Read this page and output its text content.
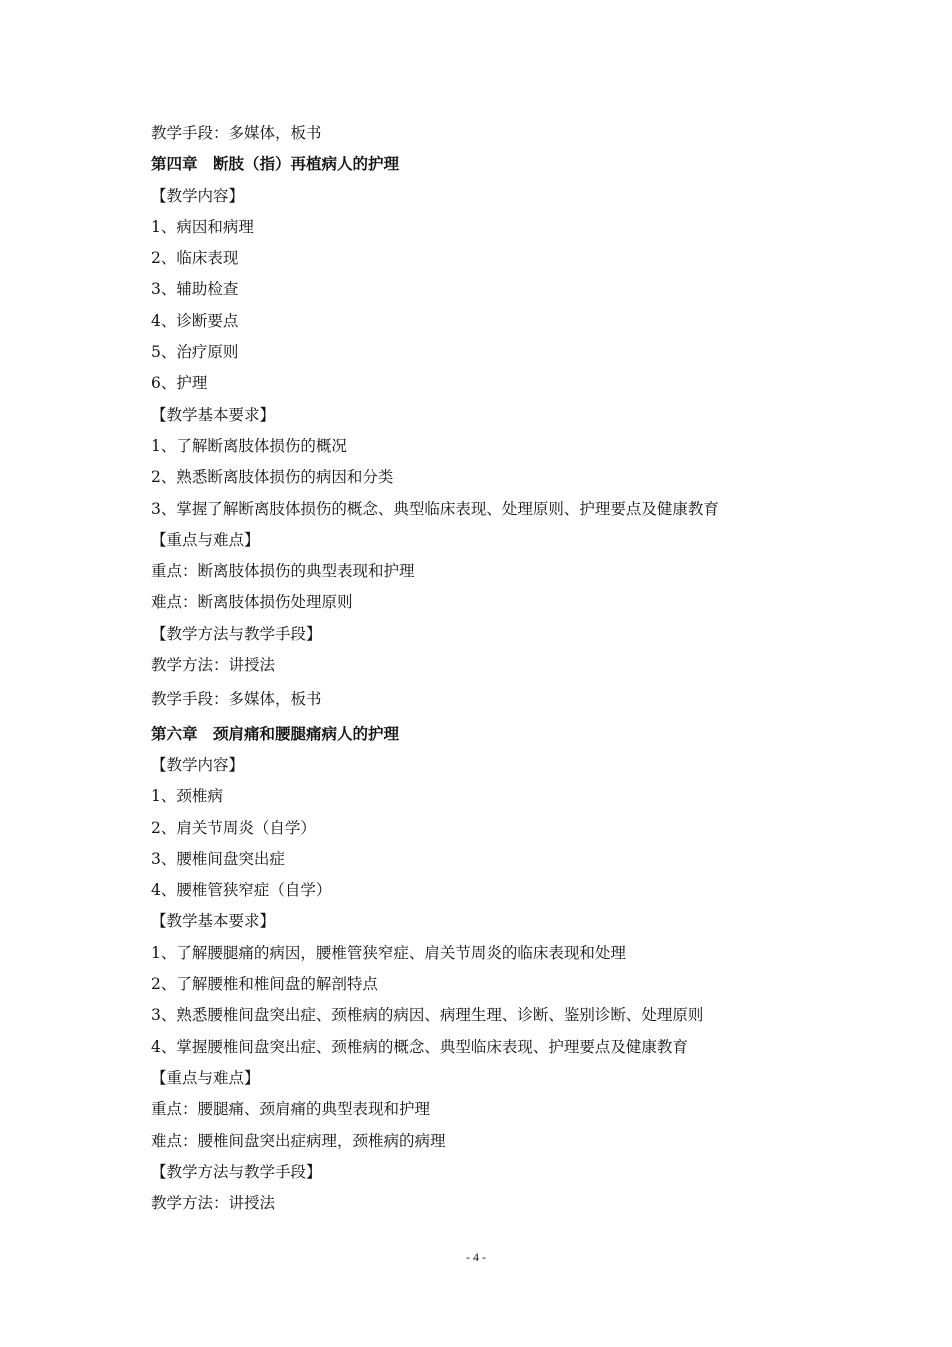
教学手段：多媒体，板书
第四章　断肢（指）再植病人的护理
【教学内容】
1、病因和病理
2、临床表现
3、辅助检查
4、诊断要点
5、治疗原则
6、护理
【教学基本要求】
1、了解断离肢体损伤的概况
2、熟悉断离肢体损伤的病因和分类
3、掌握了解断离肢体损伤的概念、典型临床表现、处理原则、护理要点及健康教育
【重点与难点】
重点：断离肢体损伤的典型表现和护理
难点：断离肢体损伤处理原则
【教学方法与教学手段】
教学方法：讲授法
教学手段：多媒体，板书
第六章　颈肩痛和腰腿痛病人的护理
【教学内容】
1、颈椎病
2、肩关节周炎（自学）
3、腰椎间盘突出症
4、腰椎管狭窄症（自学）
【教学基本要求】
1、了解腰腿痛的病因，腰椎管狭窄症、肩关节周炎的临床表现和处理
2、了解腰椎和椎间盘的解剖特点
3、熟悉腰椎间盘突出症、颈椎病的病因、病理生理、诊断、鉴别诊断、处理原则
4、掌握腰椎间盘突出症、颈椎病的概念、典型临床表现、护理要点及健康教育
【重点与难点】
重点：腰腿痛、颈肩痛的典型表现和护理
难点：腰椎间盘突出症病理，颈椎病的病理
【教学方法与教学手段】
教学方法：讲授法
- 4 -
